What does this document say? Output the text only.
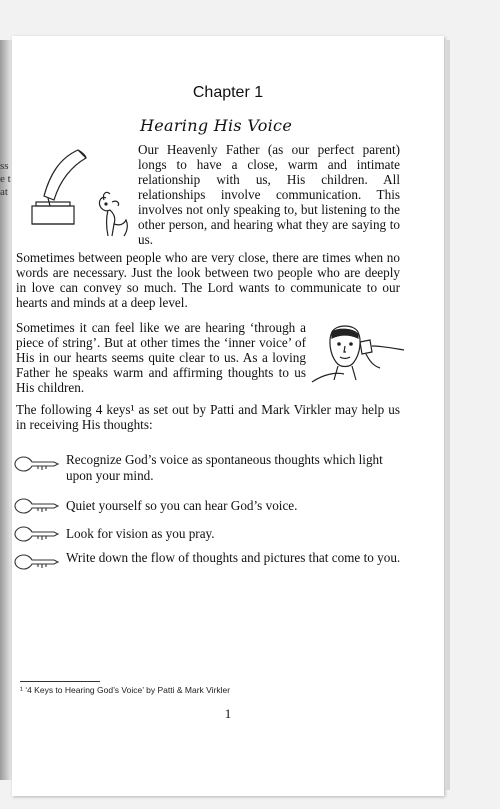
ss e t at
Chapter 1
Hearing His Voice
Our Heavenly Father (as our perfect parent) longs to have a close, warm and intimate relationship with us, His children. All relationships involve communication. This involves not only speaking to, but listening to the other person, and hearing what they are saying to us.
Sometimes between people who are very close, there are times when no words are necessary. Just the look between two people who are deeply in love can convey so much. The Lord wants to communicate to our hearts and minds at a deep level.
Sometimes it can feel like we are hearing ‘through a piece of string’. But at other times the ‘inner voice’ of His in our hearts seems quite clear to us. As a loving Father he speaks warm and affirming thoughts to us His children.
The following 4 keys¹ as set out by Patti and Mark Virkler may help us in receiving His thoughts:
Recognize God’s voice as spontaneous thoughts which light upon your mind.
Quiet yourself so you can hear God’s voice.
Look for vision as you pray.
Write down the flow of thoughts and pictures that come to you.
¹ ‘4 Keys to Hearing God’s Voice’ by Patti & Mark Virkler
1
